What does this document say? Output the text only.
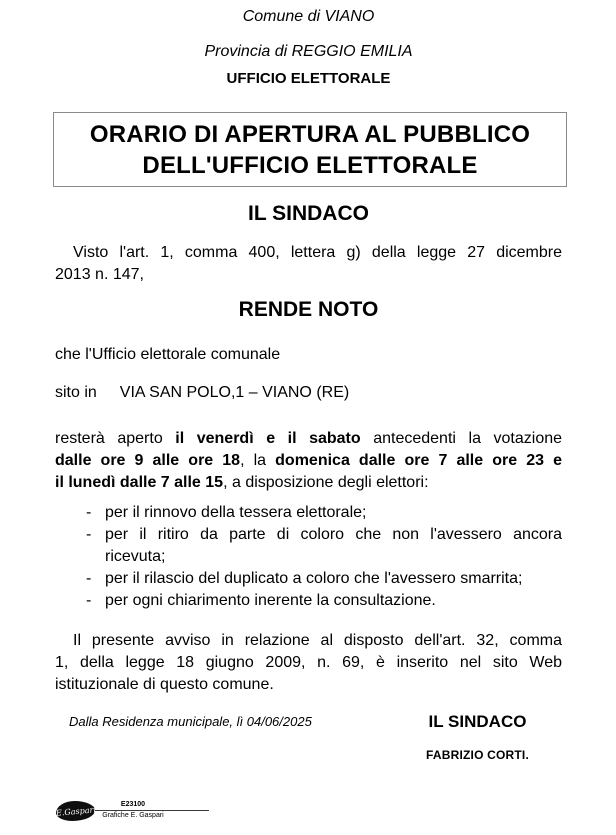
Comune di VIANO
Provincia di REGGIO EMILIA
UFFICIO ELETTORALE
ORARIO DI APERTURA AL PUBBLICO
DELL'UFFICIO ELETTORALE
IL SINDACO
Visto l'art. 1, comma 400, lettera g) della legge 27 dicembre
2013 n. 147,
RENDE NOTO
che l'Ufficio elettorale comunale
sito in VIA SAN POLO,1 – VIANO (RE)
resterà aperto il venerdì e il sabato antecedenti la votazione
dalle ore 9 alle ore 18, la domenica dalle ore 7 alle ore 23 e
il lunedì dalle 7 alle 15, a disposizione degli elettori:
- per il rinnovo della tessera elettorale;
- per il ritiro da parte di coloro che non l'avessero ancora
ricevuta;
- per il rilascio del duplicato a coloro che l'avessero smarrita;
- per ogni chiarimento inerente la consultazione.
Il presente avviso in relazione al disposto dell'art. 32, comma
1, della legge 18 giugno 2009, n. 69, è inserito nel sito Web
istituzionale di questo comune.
Dalla Residenza municipale, lì 04/06/2025	IL SINDACO
FABRIZIO CORTI.
E.Gaspari
E23100
Grafiche E. Gaspari
